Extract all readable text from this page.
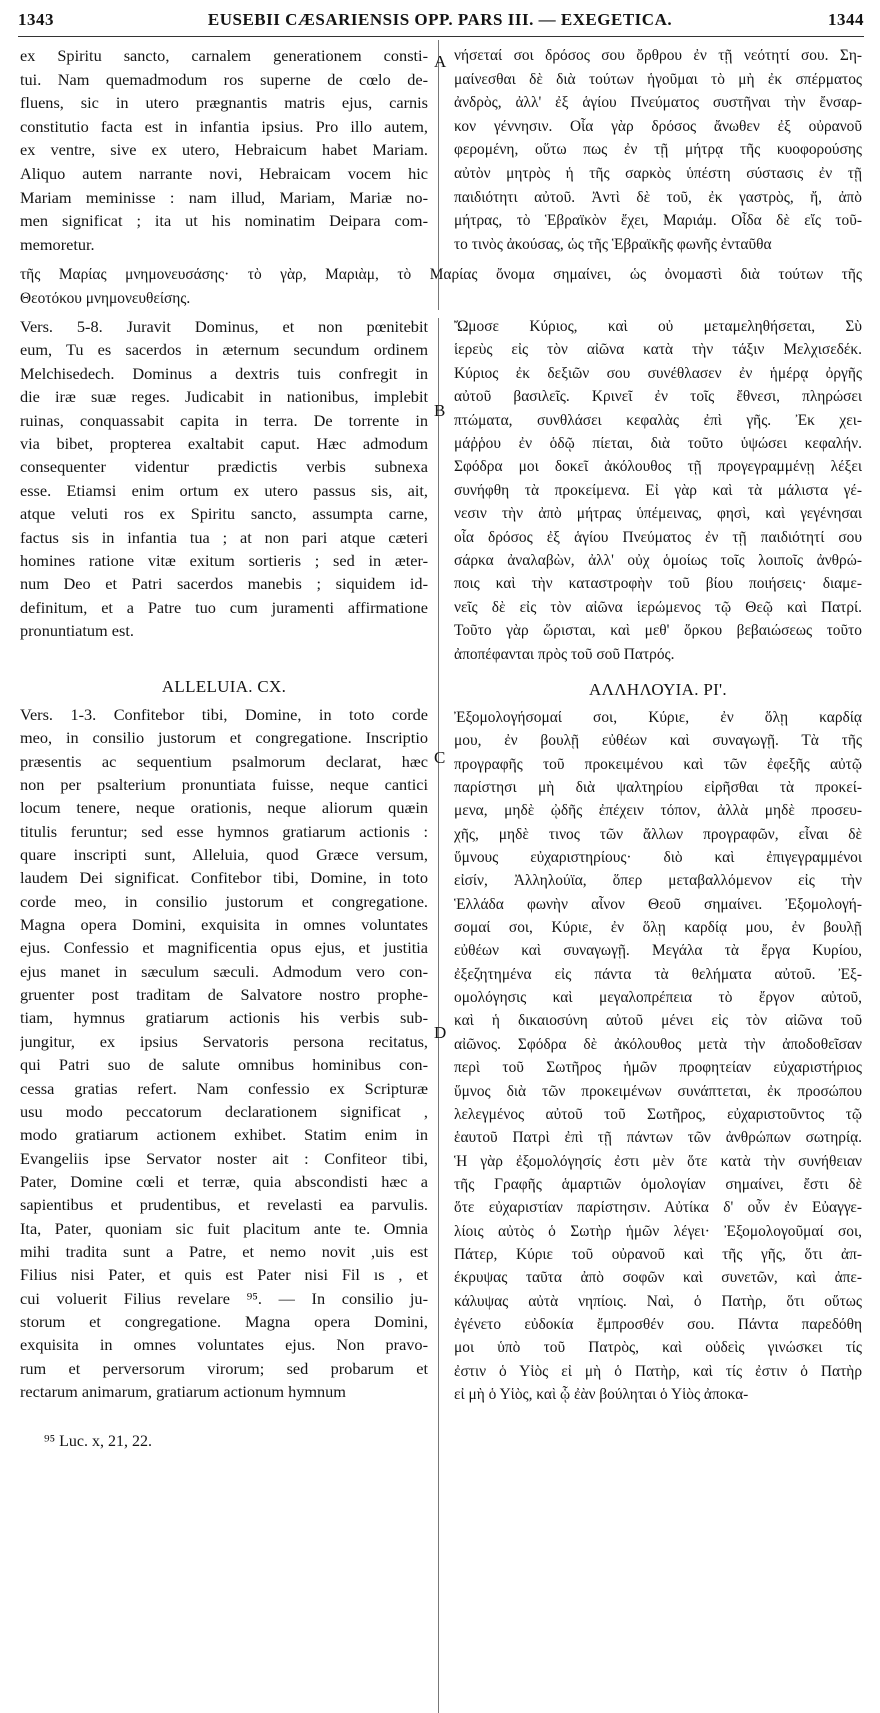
1343	EUSEBII CÆSARIENSIS OPP. PARS III. — EXEGETICA.	1344
A
B
C
D
ex Spiritu sancto, carnalem generationem consti-
tui. Nam quemadmodum ros superne de cœlo de-
fluens, sic in utero prægnantis matris ejus, carnis
constitutio facta est in infantia ipsius. Pro illo autem,
ex ventre, sive ex utero, Hebraicum habet Mariam.
Aliquo autem narrante novi, Hebraicam vocem hic
Mariam meminisse : nam illud, Mariam, Mariæ no-
men significat ; ita ut his nominatim Deipara com-
memoretur.
νήσεταί σοι δρόσος σου ὄρθρου ἐν τῇ νεότητί σου. Ση-
μαίνεσθαι δὲ διὰ τούτων ἡγοῦμαι τὸ μὴ ἐκ σπέρματος
ἀνδρὸς, ἀλλ' ἐξ ἁγίου Πνεύματος συστῆναι τὴν ἔνσαρ-
κον γέννησιν. Οἷα γὰρ δρόσος ἄνωθεν ἐξ οὐρανοῦ
φερομένη, οὕτω πως ἐν τῇ μήτρᾳ τῆς κυοφορούσης
αὐτὸν μητρὸς ἡ τῆς σαρκὸς ὑπέστη σύστασις ἐν τῇ
παιδιότητι αὐτοῦ. Ἀντὶ δὲ τοῦ, ἐκ γαστρὸς, ἤ, ἀπὸ
μήτρας, τὸ Ἑβραϊκὸν ἔχει, Μαριάμ. Οἶδα δὲ εἴς τοῦ-
το τινὸς ἀκούσας, ὡς τῆς Ἑβραϊκῆς φωνῆς ἐνταῦθα
τῆς Μαρίας μνημονευσάσης· τὸ γὰρ, Μαριὰμ, τὸ Μαρίας ὄνομα σημαίνει, ὡς ὀνομαστὶ διὰ τούτων τῆς
Θεοτόκου μνημονευθείσης.
Vers. 5-8. Juravit Dominus, et non pœnitebit
eum, Tu es sacerdos in æternum secundum ordinem
Melchisedech. Dominus a dextris tuis confregit in
die iræ suæ reges. Judicabit in nationibus, implebit
ruinas, conquassabit capita in terra. De torrente in
via bibet, propterea exaltabit caput. Hæc admodum
consequenter videntur prædictis verbis subnexa
esse. Etiamsi enim ortum ex utero passus sis, ait,
atque veluti ros ex Spiritu sancto, assumpta carne,
factus sis in infantia tua ; at non pari atque cæteri
homines ratione vitæ exitum sortieris ; sed in æter-
num Deo et Patri sacerdos manebis ; siquidem id-
definitum, et a Patre tuo cum juramenti affirmatione
pronuntiatum est.
Ὤμοσε Κύριος, καὶ οὐ μεταμεληθήσεται, Σὺ
ἱερεὺς εἰς τὸν αἰῶνα κατὰ τὴν τάξιν Μελχισεδέκ.
Κύριος ἐκ δεξιῶν σου συνέθλασεν ἐν ἡμέρᾳ ὀργῆς
αὐτοῦ βασιλεῖς. Κρινεῖ ἐν τοῖς ἔθνεσι, πληρώσει
πτώματα, συνθλάσει κεφαλὰς ἐπὶ γῆς. Ἐκ χει-
μάῤῥου ἐν ὁδῷ πίεται, διὰ τοῦτο ὑψώσει κεφαλήν.
Σφόδρα μοι δοκεῖ ἀκόλουθος τῇ προγεγραμμένῃ λέξει
συνήφθη τὰ προκείμενα. Εἰ γὰρ καὶ τὰ μάλιστα γέ-
νεσιν τὴν ἀπὸ μήτρας ὑπέμεινας, φησὶ, καὶ γεγένησαι
οἷα δρόσος ἐξ ἁγίου Πνεύματος ἐν τῇ παιδιότητί σου
σάρκα ἀναλαβὼν, ἀλλ' οὐχ ὁμοίως τοῖς λοιποῖς ἀνθρώ-
ποις καὶ τὴν καταστροφὴν τοῦ βίου ποιήσεις· διαμε-
νεῖς δὲ εἰς τὸν αἰῶνα ἱερώμενος τῷ Θεῷ καὶ Πατρί.
Τοῦτο γὰρ ὥρισται, καὶ μεθ' ὅρκου βεβαιώσεως τοῦτο
ἀποπέφανται πρὸς τοῦ σοῦ Πατρός.
ALLELUIA. CX.	ΑΛΛΗΛΟΥΙΑ. ΡΙ'.
Vers. 1-3. Confitebor tibi, Domine, in toto corde
meo, in consilio justorum et congregatione. Inscriptio
præsentis ac sequentium psalmorum declarat, hæc
non per psalterium pronuntiata fuisse, neque cantici
locum tenere, neque orationis, neque aliorum quæin
titulis feruntur; sed esse hymnos gratiarum actionis :
quare inscripti sunt, Alleluia, quod Græce versum,
laudem Dei significat. Confitebor tibi, Domine, in toto
corde meo, in consilio justorum et congregatione.
Magna opera Domini, exquisita in omnes voluntates
ejus. Confessio et magnificentia opus ejus, et justitia
ejus manet in sæculum sæculi. Admodum vero con-
gruenter post traditam de Salvatore nostro prophe-
tiam, hymnus gratiarum actionis his verbis sub-
jungitur, ex ipsius Servatoris persona recitatus,
qui Patri suo de salute omnibus hominibus con-
cessa gratias refert. Nam confessio ex Scripturæ
usu modo peccatorum declarationem significat ,
modo gratiarum actionem exhibet. Statim enim in
Evangeliis ipse Servator noster ait : Confiteor tibi,
Pater, Domine cœli et terræ, quia abscondisti hæc a
sapientibus et prudentibus, et revelasti ea parvulis.
Ita, Pater, quoniam sic fuit placitum ante te. Omnia
mihi tradita sunt a Patre, et nemo novit ,uis est
Filius nisi Pater, et quis est Pater nisi Fil ıs , et
cui voluerit Filius revelare ⁹⁵. — In consilio ju-
storum et congregatione. Magna opera Domini,
exquisita in omnes voluntates ejus. Non pravo-
rum et perversorum virorum; sed probarum et
rectarum animarum, gratiarum actionum hymnum
Ἐξομολογήσομαί σοι, Κύριε, ἐν ὅλῃ καρδίᾳ
μου, ἐν βουλῇ εὐθέων καὶ συναγωγῇ. Τὰ τῆς
προγραφῆς τοῦ προκειμένου καὶ τῶν ἐφεξῆς αὐτῷ
παρίστησι μὴ διὰ ψαλτηρίου εἰρῆσθαι τὰ προκεί-
μενα, μηδὲ ᾠδῆς ἐπέχειν τόπον, ἀλλὰ μηδὲ προσευ-
χῆς, μηδὲ τινος τῶν ἄλλων προγραφῶν, εἶναι δὲ
ὕμνους εὐχαριστηρίους· διὸ καὶ ἐπιγεγραμμένοι
εἰσίν, Ἀλληλούϊα, ὅπερ μεταβαλλόμενον εἰς τὴν
Ἑλλάδα φωνὴν αἶνον Θεοῦ σημαίνει. Ἐξομολογή-
σομαί σοι, Κύριε, ἐν ὅλῃ καρδίᾳ μου, ἐν βουλῇ
εὐθέων καὶ συναγωγῇ. Μεγάλα τὰ ἔργα Κυρίου,
ἐξεζητημένα εἰς πάντα τὰ θελήματα αὐτοῦ. Ἐξ-
ομολόγησις καὶ μεγαλοπρέπεια τὸ ἔργον αὐτοῦ,
καὶ ἡ δικαιοσύνη αὐτοῦ μένει εἰς τὸν αἰῶνα τοῦ
αἰῶνος. Σφόδρα δὲ ἀκόλουθος μετὰ τὴν ἀποδοθεῖσαν
περὶ τοῦ Σωτῆρος ἡμῶν προφητείαν εὐχαριστήριος
ὕμνος διὰ τῶν προκειμένων συνάπτεται, ἐκ προσώπου
λελεγμένος αὐτοῦ τοῦ Σωτῆρος, εὐχαριστοῦντος τῷ
ἑαυτοῦ Πατρὶ ἐπὶ τῇ πάντων τῶν ἀνθρώπων σωτηρίᾳ.
Ἡ γὰρ ἐξομολόγησίς ἐστι μὲν ὅτε κατὰ τὴν συνήθειαν
τῆς Γραφῆς ἁμαρτιῶν ὁμολογίαν σημαίνει, ἔστι δὲ
ὅτε εὐχαριστίαν παρίστησιν. Αὐτίκα δ' οὖν ἐν Εὐαγγε-
λίοις αὐτὸς ὁ Σωτὴρ ἡμῶν λέγει· Ἐξομολογοῦμαί σοι,
Πάτερ, Κύριε τοῦ οὐρανοῦ καὶ τῆς γῆς, ὅτι ἀπ-
έκρυψας ταῦτα ἀπὸ σοφῶν καὶ συνετῶν, καὶ ἀπε-
κάλυψας αὐτὰ νηπίοις. Ναὶ, ὁ Πατὴρ, ὅτι οὕτως
ἐγένετο εὐδοκία ἔμπροσθέν σου. Πάντα παρεδόθη
μοι ὑπὸ τοῦ Πατρὸς, καὶ οὐδεὶς γινώσκει τίς
ἐστιν ὁ Υἱὸς εἰ μὴ ὁ Πατὴρ, καὶ τίς ἐστιν ὁ Πατὴρ
εἰ μὴ ὁ Υἱὸς, καὶ ᾧ ἐὰν βούληται ὁ Υἱὸς ἀποκα-
⁹⁵ Luc. x, 21, 22.
